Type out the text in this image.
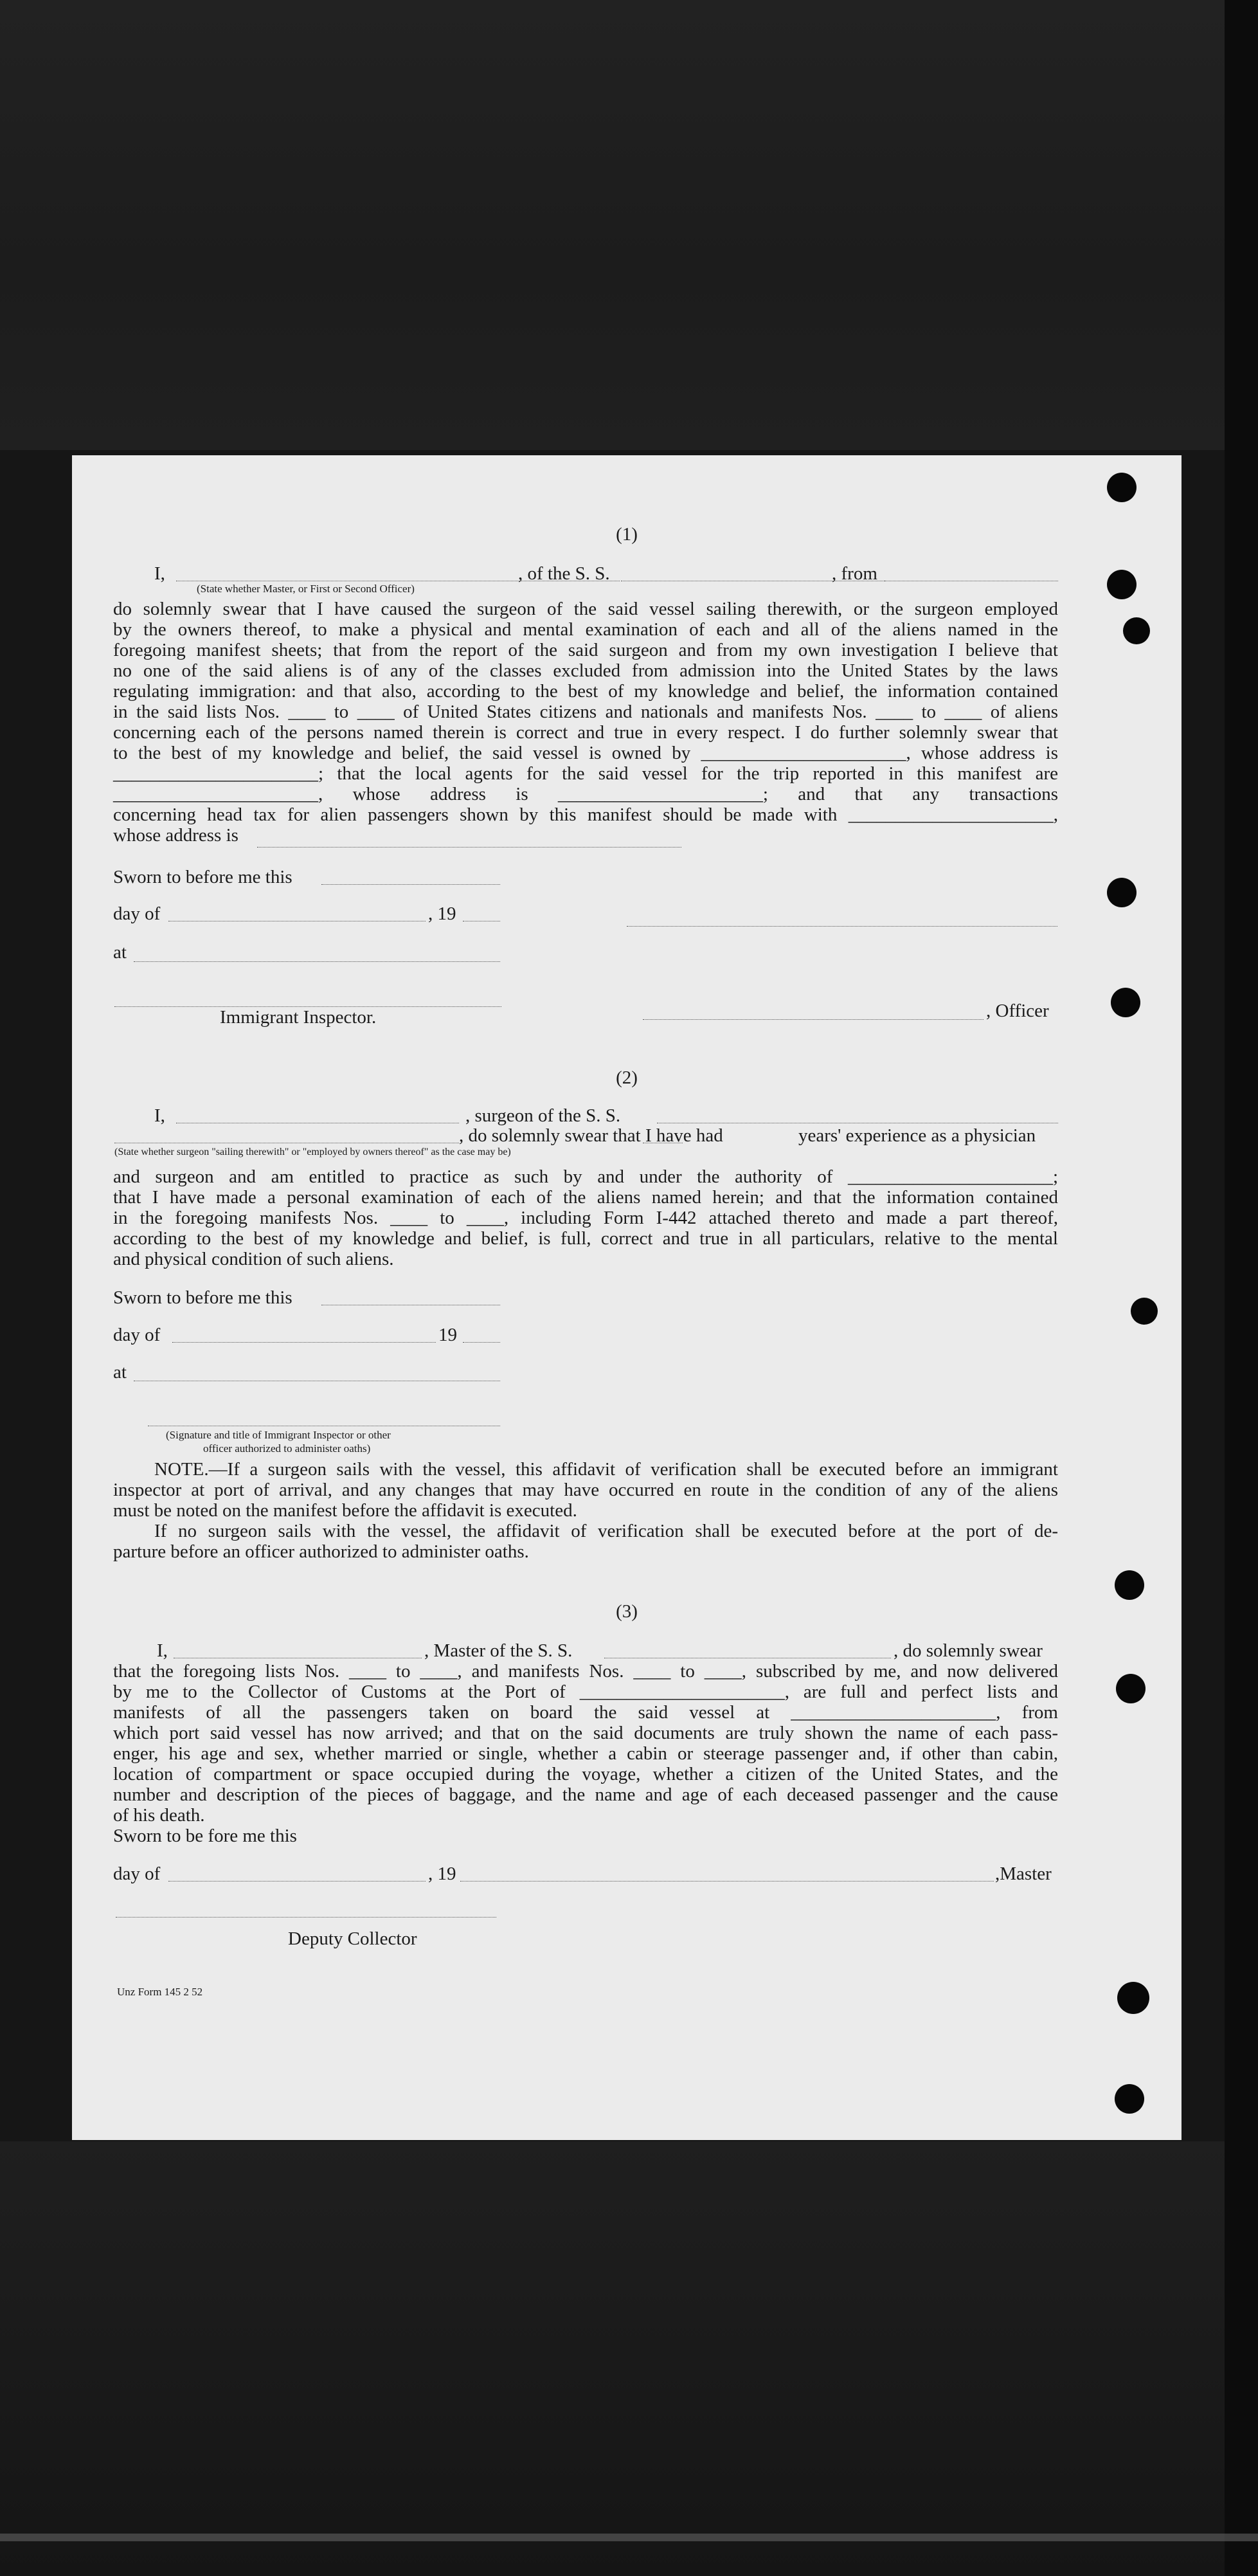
(1)
I,	, of the S. S.	, from
(State whether Master, or First or Second Officer)
do solemnly swear that I have caused the surgeon of the said vessel sailing therewith, or the surgeon employed
by the owners thereof, to make a physical and mental examination of each and all of the aliens named in the
foregoing manifest sheets; that from the report of the said surgeon and from my own investigation I believe that
no one of the said aliens is of any of the classes excluded from admission into the United States by the laws
regulating immigration: and that also, according to the best of my knowledge and belief, the information contained
in the said lists Nos. ____ to ____ of United States citizens and nationals and manifests Nos. ____ to ____ of aliens
concerning each of the persons named therein is correct and true in every respect. I do further solemnly swear that
to the best of my knowledge and belief, the said vessel is owned by ______________________, whose address is
______________________; that the local agents for the said vessel for the trip reported in this manifest are
______________________, whose address is ______________________; and that any transactions
concerning head tax for alien passengers shown by this manifest should be made with ______________________,
whose address is
Sworn to before me this
day of	, 19
at
Immigrant Inspector.	, Officer
(2)
I,	, surgeon of the S. S.
, do solemnly swear that I have had	years' experience as a physician
(State whether surgeon "sailing therewith" or "employed by owners thereof" as the case may be)
and surgeon and am entitled to practice as such by and under the authority of ______________________;
that I have made a personal examination of each of the aliens named herein; and that the information contained
in the foregoing manifests Nos. ____ to ____, including Form I-442 attached thereto and made a part thereof,
according to the best of my knowledge and belief, is full, correct and true in all particulars, relative to the mental
and physical condition of such aliens.
Sworn to before me this
day of	19
at
(Signature and title of Immigrant Inspector or other
officer authorized to administer oaths)
NOTE.—If a surgeon sails with the vessel, this affidavit of verification shall be executed before an immigrant
inspector at port of arrival, and any changes that may have occurred en route in the condition of any of the aliens
must be noted on the manifest before the affidavit is executed.
If no surgeon sails with the vessel, the affidavit of verification shall be executed before at the port of de-
parture before an officer authorized to administer oaths.
(3)
I,	, Master of the S. S.	, do solemnly swear
that the foregoing lists Nos. ____ to ____, and manifests Nos. ____ to ____, subscribed by me, and now delivered
by me to the Collector of Customs at the Port of ______________________, are full and perfect lists and
manifests of all the passengers taken on board the said vessel at ______________________, from
which port said vessel has now arrived; and that on the said documents are truly shown the name of each pass-
enger, his age and sex, whether married or single, whether a cabin or steerage passenger and, if other than cabin,
location of compartment or space occupied during the voyage, whether a citizen of the United States, and the
number and description of the pieces of baggage, and the name and age of each deceased passenger and the cause
of his death.
Sworn to be fore me this
day of	, 19	,Master
Deputy Collector
Unz Form 145 2 52
